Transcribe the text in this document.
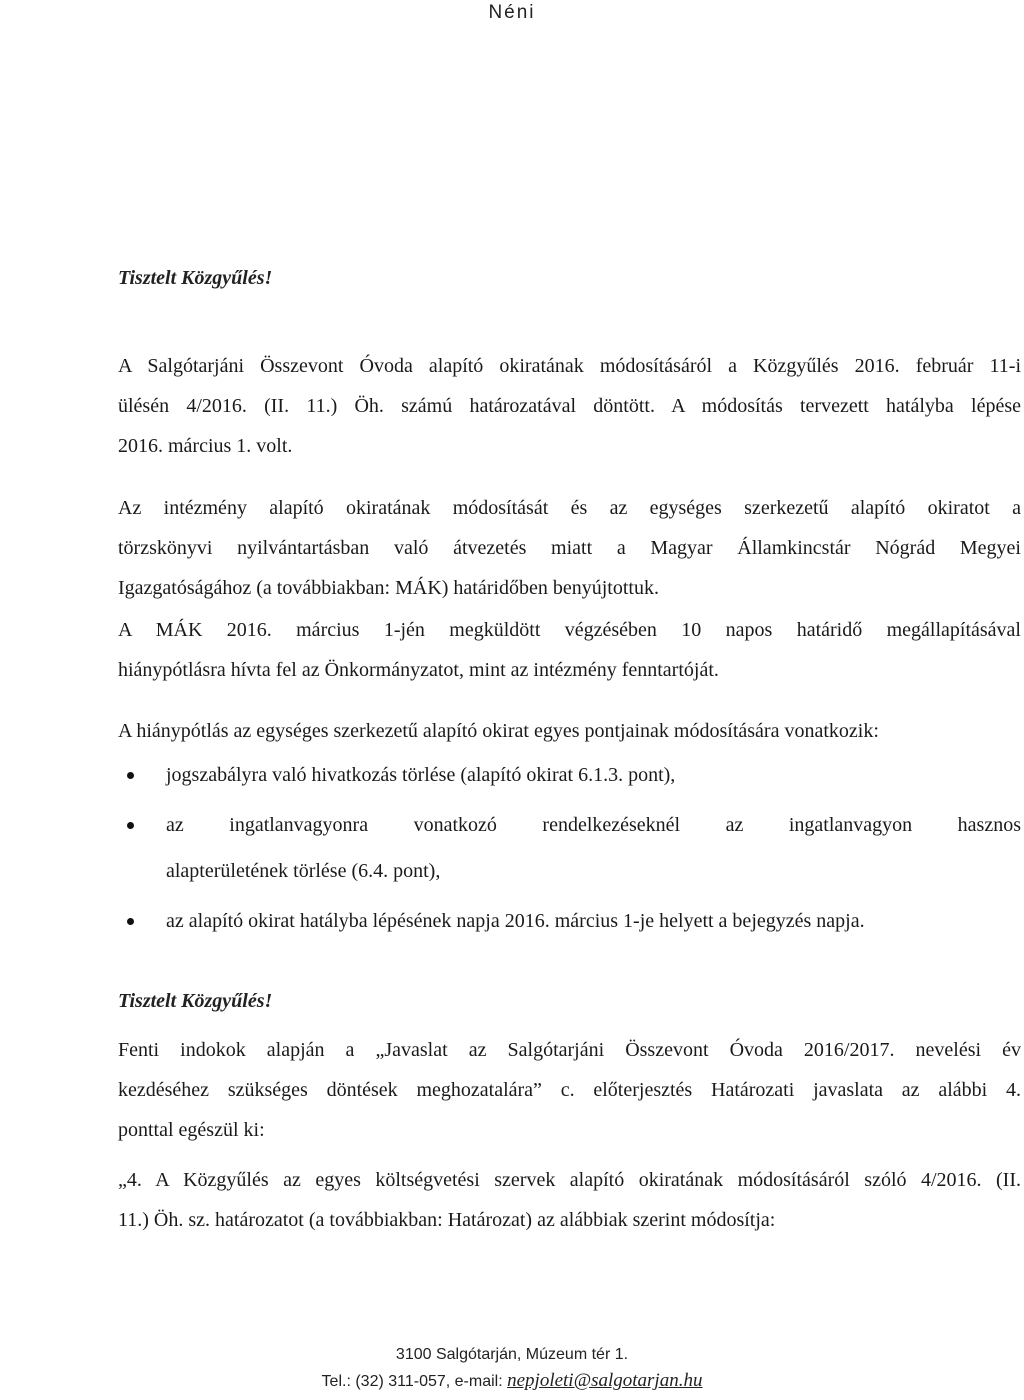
Néni
Tisztelt Közgyűlés!
A Salgótarjáni Összevont Óvoda alapító okiratának módosításáról a Közgyűlés 2016. február 11-i
ülésén 4/2016. (II. 11.) Öh. számú határozatával döntött. A módosítás tervezett hatályba lépése
2016. március 1. volt.
Az intézmény alapító okiratának módosítását és az egységes szerkezetű alapító okiratot a
törzskönyvi nyilvántartásban való átvezetés miatt a Magyar Államkincstár Nógrád Megyei
Igazgatóságához (a továbbiakban: MÁK) határidőben benyújtottuk.
A MÁK 2016. március 1-jén megküldött végzésében 10 napos határidő megállapításával
hiánypótlásra hívta fel az Önkormányzatot, mint az intézmény fenntartóját.
A hiánypótlás az egységes szerkezetű alapító okirat egyes pontjainak módosítására vonatkozik:
jogszabályra való hivatkozás törlése (alapító okirat 6.1.3. pont),
az ingatlanvagyonra vonatkozó rendelkezéseknél az ingatlanvagyon hasznos
alapterületének törlése (6.4. pont),
az alapító okirat hatályba lépésének napja 2016. március 1-je helyett a bejegyzés napja.
Tisztelt Közgyűlés!
Fenti indokok alapján a „Javaslat az Salgótarjáni Összevont Óvoda 2016/2017. nevelési év
kezdéséhez szükséges döntések meghozatalára” c. előterjesztés Határozati javaslata az alábbi 4.
ponttal egészül ki:
„4. A Közgyűlés az egyes költségvetési szervek alapító okiratának módosításáról szóló 4/2016. (II.
11.) Öh. sz. határozatot (a továbbiakban: Határozat) az alábbiak szerint módosítja:
3100 Salgótarján, Múzeum tér 1.
Tel.: (32) 311-057, e-mail: nepjoleti@salgotarjan.hu
